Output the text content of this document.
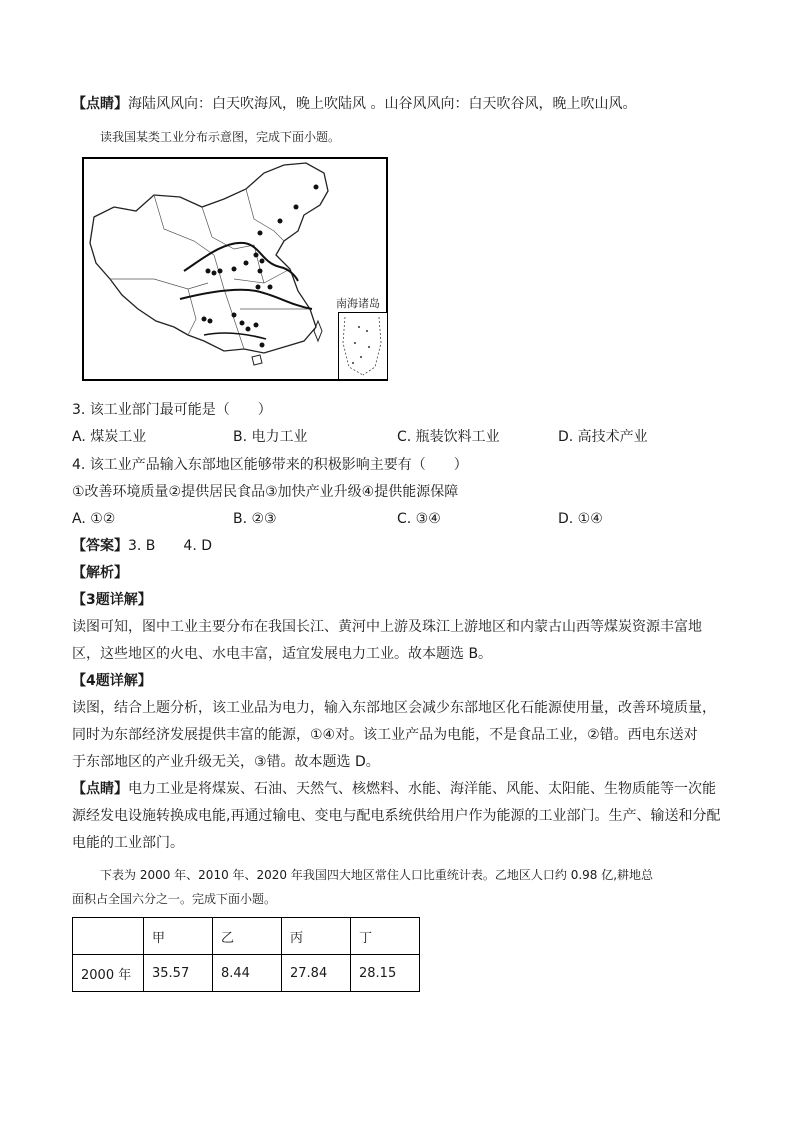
【点睛】海陆风风向：白天吹海风，晚上吹陆风 。山谷风风向：白天吹谷风，晚上吹山风。
读我国某类工业分布示意图，完成下面小题。
南海诸岛
3. 该工业部门最可能是（　　）
A. 煤炭工业	B. 电力工业	C. 瓶装饮料工业	D. 高技术产业
4. 该工业产品输入东部地区能够带来的积极影响主要有（　　）
①改善环境质量②提供居民食品③加快产业升级④提供能源保障
A. ①②	B. ②③	C. ③④	D. ①④
【答案】3. B　　4. D
【解析】
【3题详解】
读图可知，图中工业主要分布在我国长江、黄河中上游及珠江上游地区和内蒙古山西等煤炭资源丰富地
区，这些地区的火电、水电丰富，适宜发展电力工业。故本题选 B。
【4题详解】
读图，结合上题分析，该工业品为电力，输入东部地区会减少东部地区化石能源使用量，改善环境质量，
同时为东部经济发展提供丰富的能源，①④对。该工业产品为电能，不是食品工业，②错。西电东送对
于东部地区的产业升级无关，③错。故本题选 D。
【点睛】电力工业是将煤炭、石油、天然气、核燃料、水能、海洋能、风能、太阳能、生物质能等一次能
源经发电设施转换成电能,再通过输电、变电与配电系统供给用户作为能源的工业部门。生产、输送和分配
电能的工业部门。
下表为 2000 年、2010 年、2020 年我国四大地区常住人口比重统计表。乙地区人口约 0.98 亿,耕地总
面积占全国六分之一。完成下面小题。
	甲	乙	丙	丁
2000 年	35.57	8.44	27.84	28.15
